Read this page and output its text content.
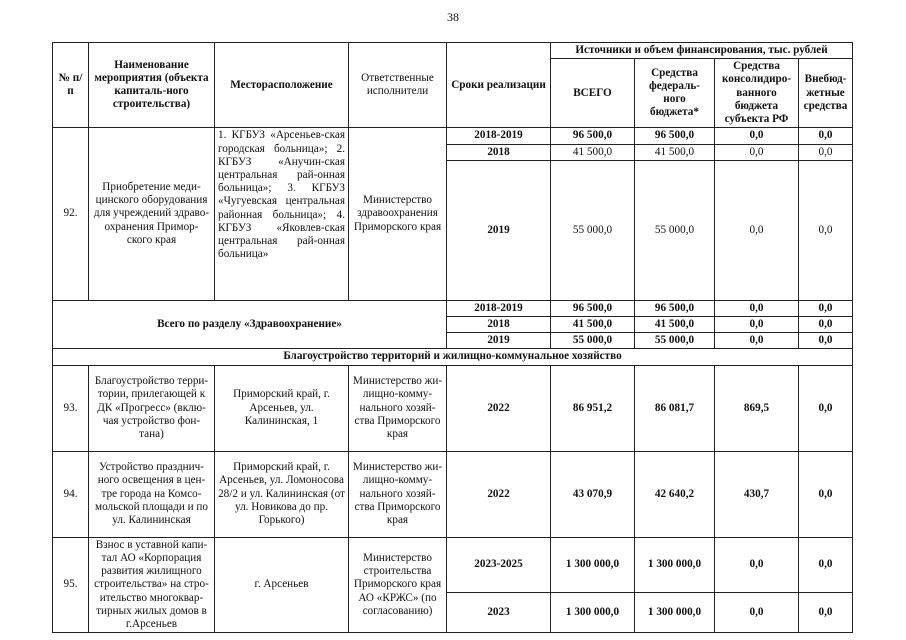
38
№ п/п	Наименование мероприятия (объекта капиталь-ного строительства)	Месторасположение	Ответственные исполнители	Сроки реализации	Источники и объем финансирования, тыс. рублей			
					ВСЕГО	Средства федераль-ного бюджета*	Средства консолидиро-ванного бюджета субъекта РФ	Внебюд-жетные средства
92.	Приобретение меди-цинского оборудования для учреждений здраво-охранения Примор-ского края	1. КГБУЗ «Арсеньев-ская городская больница»; 2. КГБУЗ «Анучин-ская центральная рай-онная больница»; 3. КГБУЗ «Чугуевская центральная районная больница»; 4. КГБУЗ «Яковлев-ская центральная рай-онная больница»	Министерство здравоохранения Приморского края	2018-2019	96 500,0	96 500,0	0,0	0,0
				2018	41 500,0	41 500,0	0,0	0,0
				2019	55 000,0	55 000,0	0,0	0,0
Всего по разделу «Здравоохранение»				2018-2019	96 500,0	96 500,0	0,0	0,0
				2018	41 500,0	41 500,0	0,0	0,0
				2019	55 000,0	55 000,0	0,0	0,0
Благоустройство территорий и жилищно-коммунальное хозяйство								
93.	Благоустройство терри-тории, прилегающей к ДК «Прогресс» (вклю-чая устройство фон-тана)	Приморский край, г. Арсеньев, ул. Калининская, 1	Министерство жи-лищно-комму-нального хозяй-ства Приморского края	2022	86 951,2	86 081,7	869,5	0,0
94.	Устройство празднич-ного освещения в цен-тре города на Комсо-мольской площади и по ул. Калининская	Приморский край, г. Арсеньев, ул. Ломоносова 28/2 и ул. Калининская (от ул. Новикова до пр. Горького)	Министерство жи-лищно-комму-нального хозяй-ства Приморского края	2022	43 070,9	42 640,2	430,7	0,0
95.	Взнос в уставной капи-тал АО «Корпорация развития жилищного строительства» на стро-ительство многоквар-тирных жилых домов в г.Арсеньев	г. Арсеньев	Министерство строительства Приморского края АО «КРЖС» (по согласованию)	2023-2025	1 300 000,0	1 300 000,0	0,0	0,0
				2023	1 300 000,0	1 300 000,0	0,0	0,0
